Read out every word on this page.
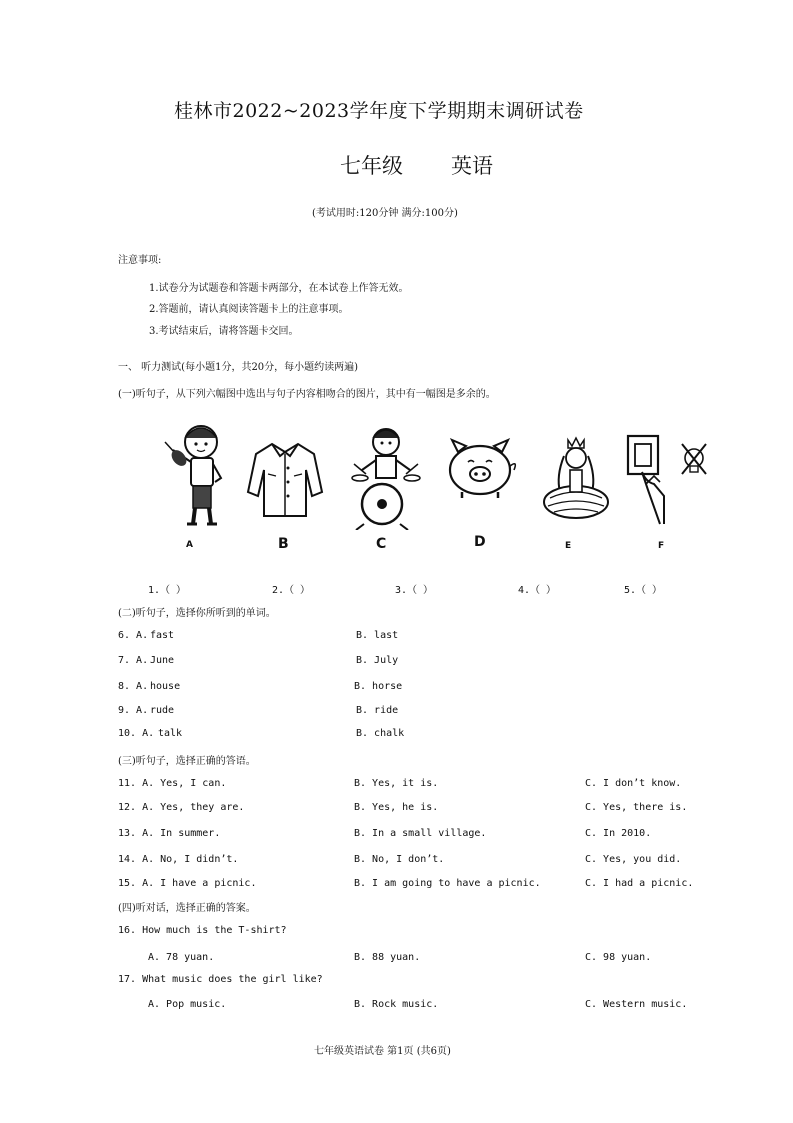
桂林市2022~2023学年度下学期期末调研试卷
七年级 英语
(考试用时:120分钟 满分:100分)
注意事项:
1.试卷分为试题卷和答题卡两部分，在本试卷上作答无效。
2.答题前，请认真阅读答题卡上的注意事项。
3.考试结束后，请将答题卡交回。
一、 听力测试(每小题1分，共20分，每小题约读两遍)
(一)听句子，从下列六幅图中选出与句子内容相吻合的图片，其中有一幅图是多余的。
A	B	C	D	E	F
1.（ ）	2.（ ）	3.（ ）	4.（ ）	5.（ ）
(二)听句子，选择你所听到的单词。
6. A. fast	B. last
7. A. June	B. July
8. A. house	B. horse
9. A. rude	B. ride
10. A. talk	B. chalk
(三)听句子，选择正确的答语。
11. A. Yes, I can.	B. Yes, it is.	C. I don’t know.
12. A. Yes, they are.	B. Yes, he is.	C. Yes, there is.
13. A. In summer.	B. In a small village.	C. In 2010.
14. A. No, I didn’t.	B. No, I don’t.	C. Yes, you did.
15. A. I have a picnic.	B. I am going to have a picnic.	C. I had a picnic.
(四)听对话，选择正确的答案。
16. How much is the T-shirt?
A. 78 yuan.	B. 88 yuan.	C. 98 yuan.
17. What music does the girl like?
A. Pop music.	B. Rock music.	C. Western music.
七年级英语试卷 第1页 (共6页)
